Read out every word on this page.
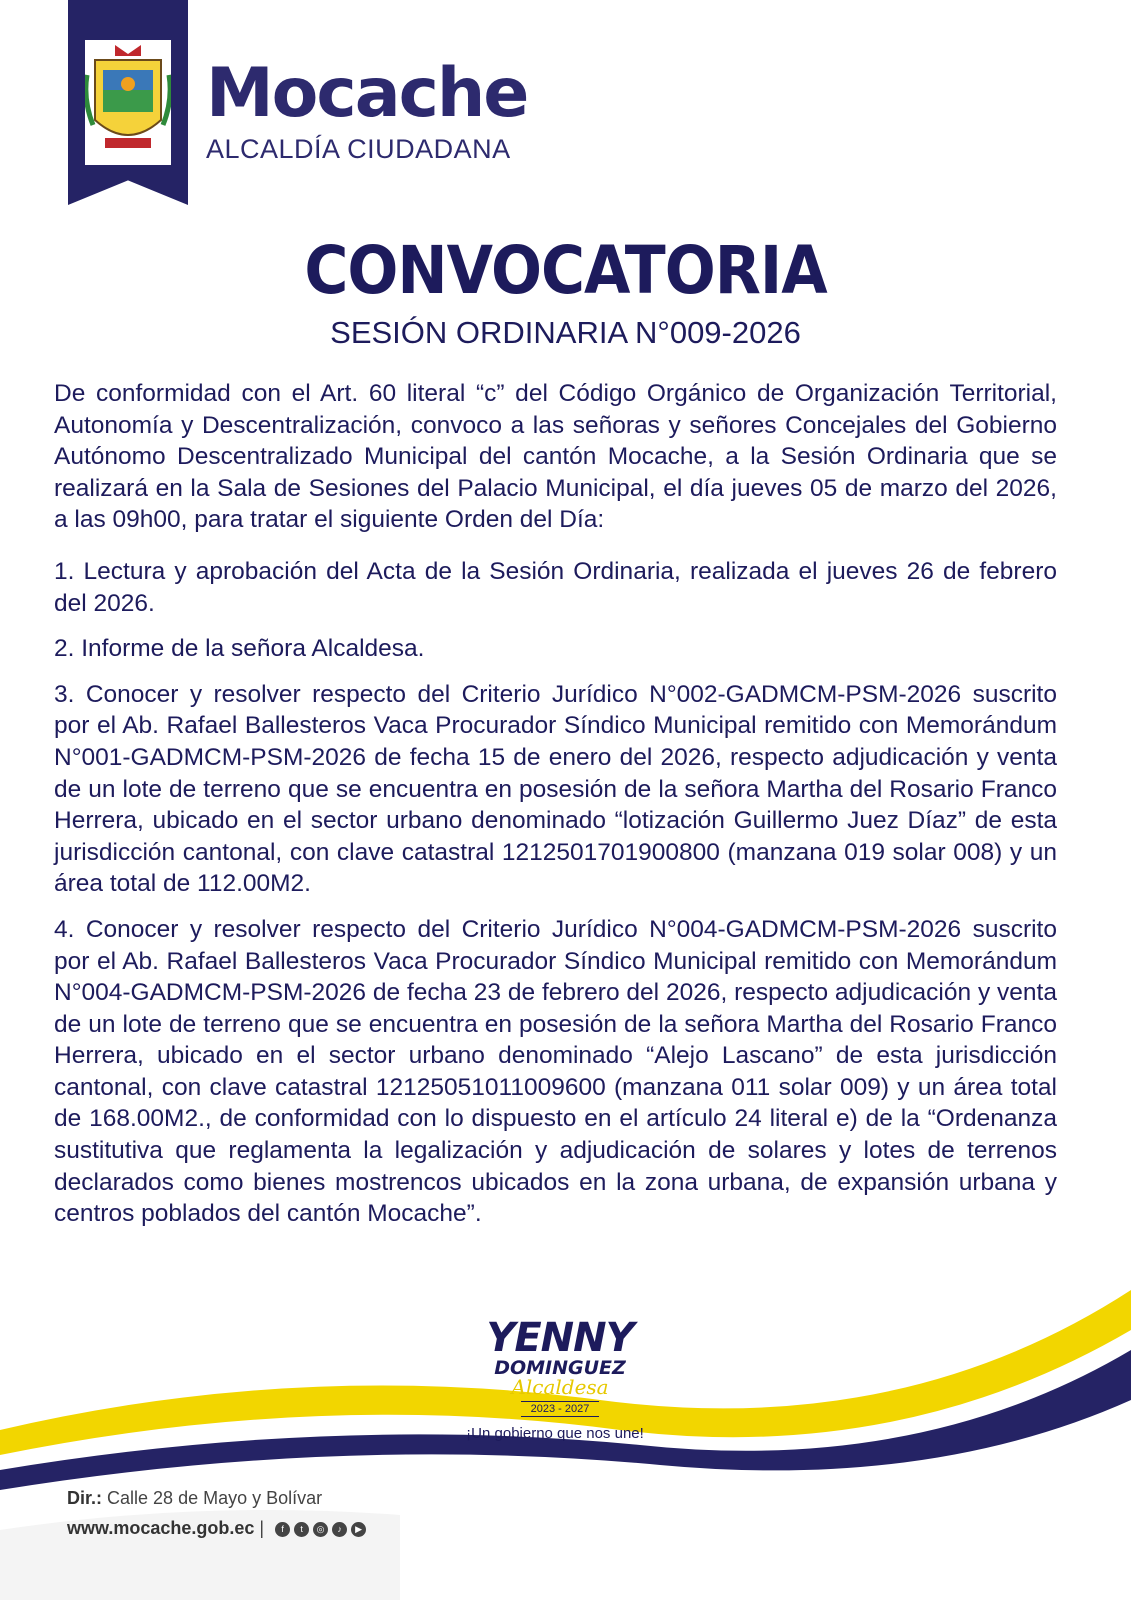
Mocache
ALCALDÍA CIUDADANA
CONVOCATORIA
SESIÓN ORDINARIA N°009-2026

De conformidad con el Art. 60 literal “c” del Código Orgánico de Organización Territorial, Autonomía y Descentralización, convoco a las señoras y señores Concejales del Gobierno Autónomo Descentralizado Municipal del cantón Mocache, a la Sesión Ordinaria que se realizará en la Sala de Sesiones del Palacio Municipal, el día jueves 05 de marzo del 2026, a las 09h00, para tratar el siguiente Orden del Día:

1. Lectura y aprobación del Acta de la Sesión Ordinaria, realizada el jueves 26 de febrero del 2026.

2. Informe de la señora Alcaldesa.

3. Conocer y resolver respecto del Criterio Jurídico N°002-GADMCM-PSM-2026 suscrito por el Ab. Rafael Ballesteros Vaca Procurador Síndico Municipal remitido con Memorándum N°001-GADMCM-PSM-2026 de fecha 15 de enero del 2026, respecto adjudicación y venta de un lote de terreno que se encuentra en posesión de la señora Martha del Rosario Franco Herrera, ubicado en el sector urbano denominado “lotización Guillermo Juez Díaz” de esta jurisdicción cantonal, con clave catastral 1212501701900800 (manzana 019 solar 008) y un área total de 112.00M2.

4. Conocer y resolver respecto del Criterio Jurídico N°004-GADMCM-PSM-2026 suscrito por el Ab. Rafael Ballesteros Vaca Procurador Síndico Municipal remitido con Memorándum N°004-GADMCM-PSM-2026 de fecha 23 de febrero del 2026, respecto adjudicación y venta de un lote de terreno que se encuentra en posesión de la señora Martha del Rosario Franco Herrera, ubicado en el sector urbano denominado “Alejo Lascano” de esta jurisdicción cantonal, con clave catastral 12125051011009600 (manzana 011 solar 009) y un área total de 168.00M2., de conformidad con lo dispuesto en el artículo 24 literal e) de la “Ordenanza sustitutiva que reglamenta la legalización y adjudicación de solares y lotes de terrenos declarados como bienes mostrencos ubicados en la zona urbana, de expansión urbana y centros poblados del cantón Mocache”.

YENNY
DOMINGUEZ
Alcaldesa
2023 - 2027
¡Un gobierno que nos une!
Dir.: Calle 28 de Mayo y Bolívar
www.mocache.gob.ec |	f	t	◎	♪	▶
